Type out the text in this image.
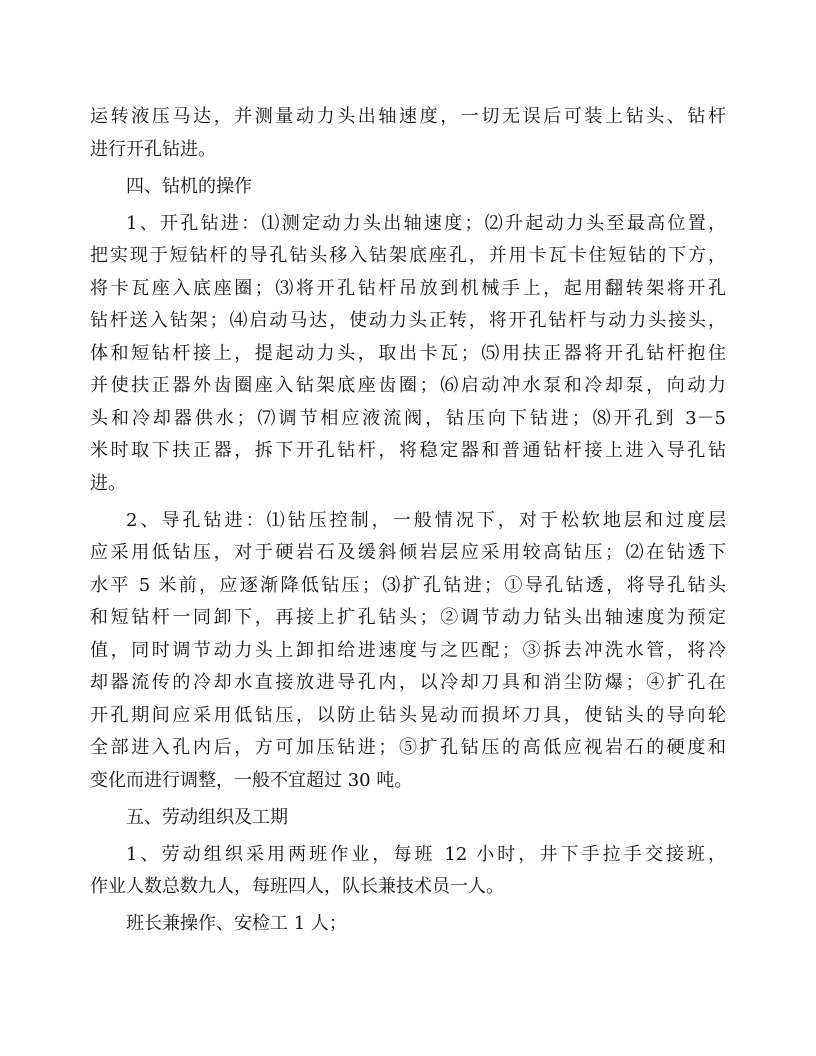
运转液压马达，并测量动力头出轴速度，一切无误后可装上钻头、钻杆
进行开孔钻进。
四、钻机的操作
1、开孔钻进：⑴测定动力头出轴速度；⑵升起动力头至最高位置，
把实现于短钻杆的导孔钻头移入钻架底座孔，并用卡瓦卡住短钻的下方，
将卡瓦座入底座圈；⑶将开孔钻杆吊放到机械手上，起用翻转架将开孔
钻杆送入钻架；⑷启动马达，使动力头正转，将开孔钻杆与动力头接头，
体和短钻杆接上，提起动力头，取出卡瓦；⑸用扶正器将开孔钻杆抱住
并使扶正器外齿圈座入钻架底座齿圈；⑹启动冲水泵和冷却泵，向动力
头和冷却器供水；⑺调节相应液流阀，钻压向下钻进；⑻开孔到 3－5
米时取下扶正器，拆下开孔钻杆，将稳定器和普通钻杆接上进入导孔钻
进。
2、导孔钻进：⑴钻压控制，一般情况下，对于松软地层和过度层
应采用低钻压，对于硬岩石及缓斜倾岩层应采用较高钻压；⑵在钻透下
水平 5 米前，应逐渐降低钻压；⑶扩孔钻进；①导孔钻透，将导孔钻头
和短钻杆一同卸下，再接上扩孔钻头；②调节动力钻头出轴速度为预定
值，同时调节动力头上卸扣给进速度与之匹配；③拆去冲洗水管，将冷
却器流传的冷却水直接放进导孔内，以冷却刀具和消尘防爆；④扩孔在
开孔期间应采用低钻压，以防止钻头晃动而损坏刀具，使钻头的导向轮
全部进入孔内后，方可加压钻进；⑤扩孔钻压的高低应视岩石的硬度和
变化而进行调整，一般不宜超过 30 吨。
五、劳动组织及工期
1、劳动组织采用两班作业，每班 12 小时，井下手拉手交接班，
作业人数总数九人，每班四人，队长兼技术员一人。
班长兼操作、安检工 1 人；
